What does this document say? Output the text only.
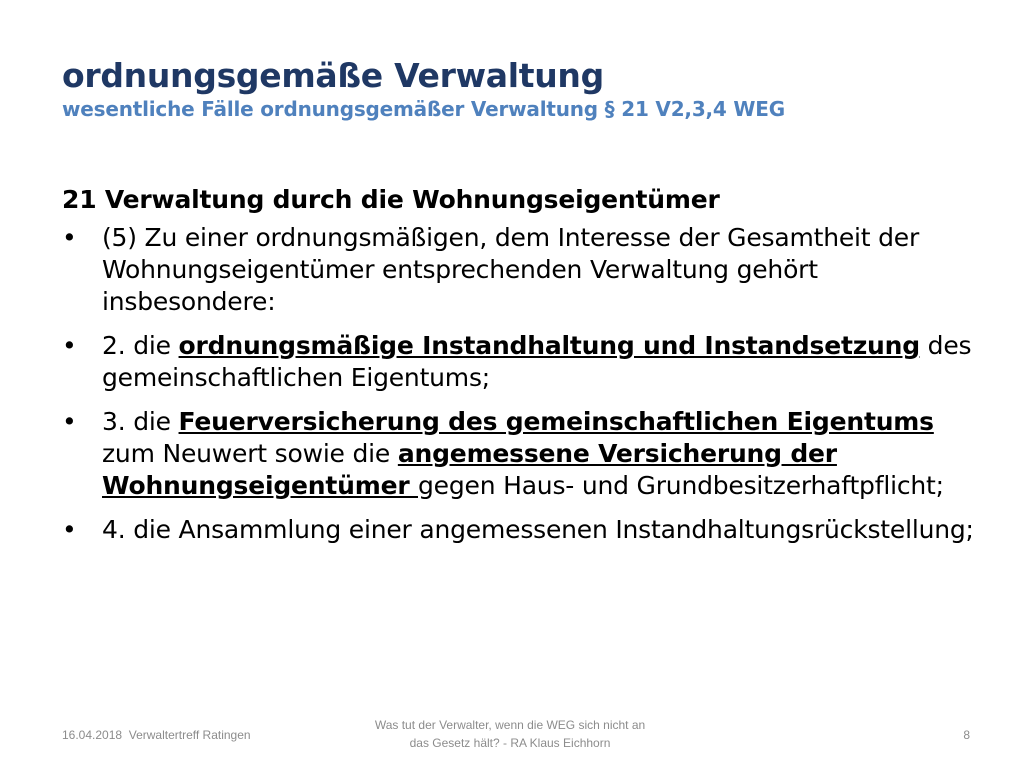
ordnungsgemäße Verwaltung

wesentliche Fälle ordnungsgemäßer Verwaltung § 21 V2,3,4 WEG

21 Verwaltung durch die Wohnungseigentümer

• (5) Zu einer ordnungsmäßigen, dem Interesse der Gesamtheit der Wohnungseigentümer entsprechenden Verwaltung gehört insbesondere:
• 2. die ordnungsmäßige Instandhaltung und Instandsetzung des gemeinschaftlichen Eigentums;
• 3. die Feuerversicherung des gemeinschaftlichen Eigentums zum Neuwert sowie die angemessene Versicherung der Wohnungseigentümer gegen Haus- und Grundbesitzerhaftpflicht;
• 4. die Ansammlung einer angemessenen Instandhaltungsrückstellung;
16.04.2018 Verwaltertreff Ratingen
Was tut der Verwalter, wenn die WEG sich nicht an
das Gesetz hält? - RA Klaus Eichhorn
8
